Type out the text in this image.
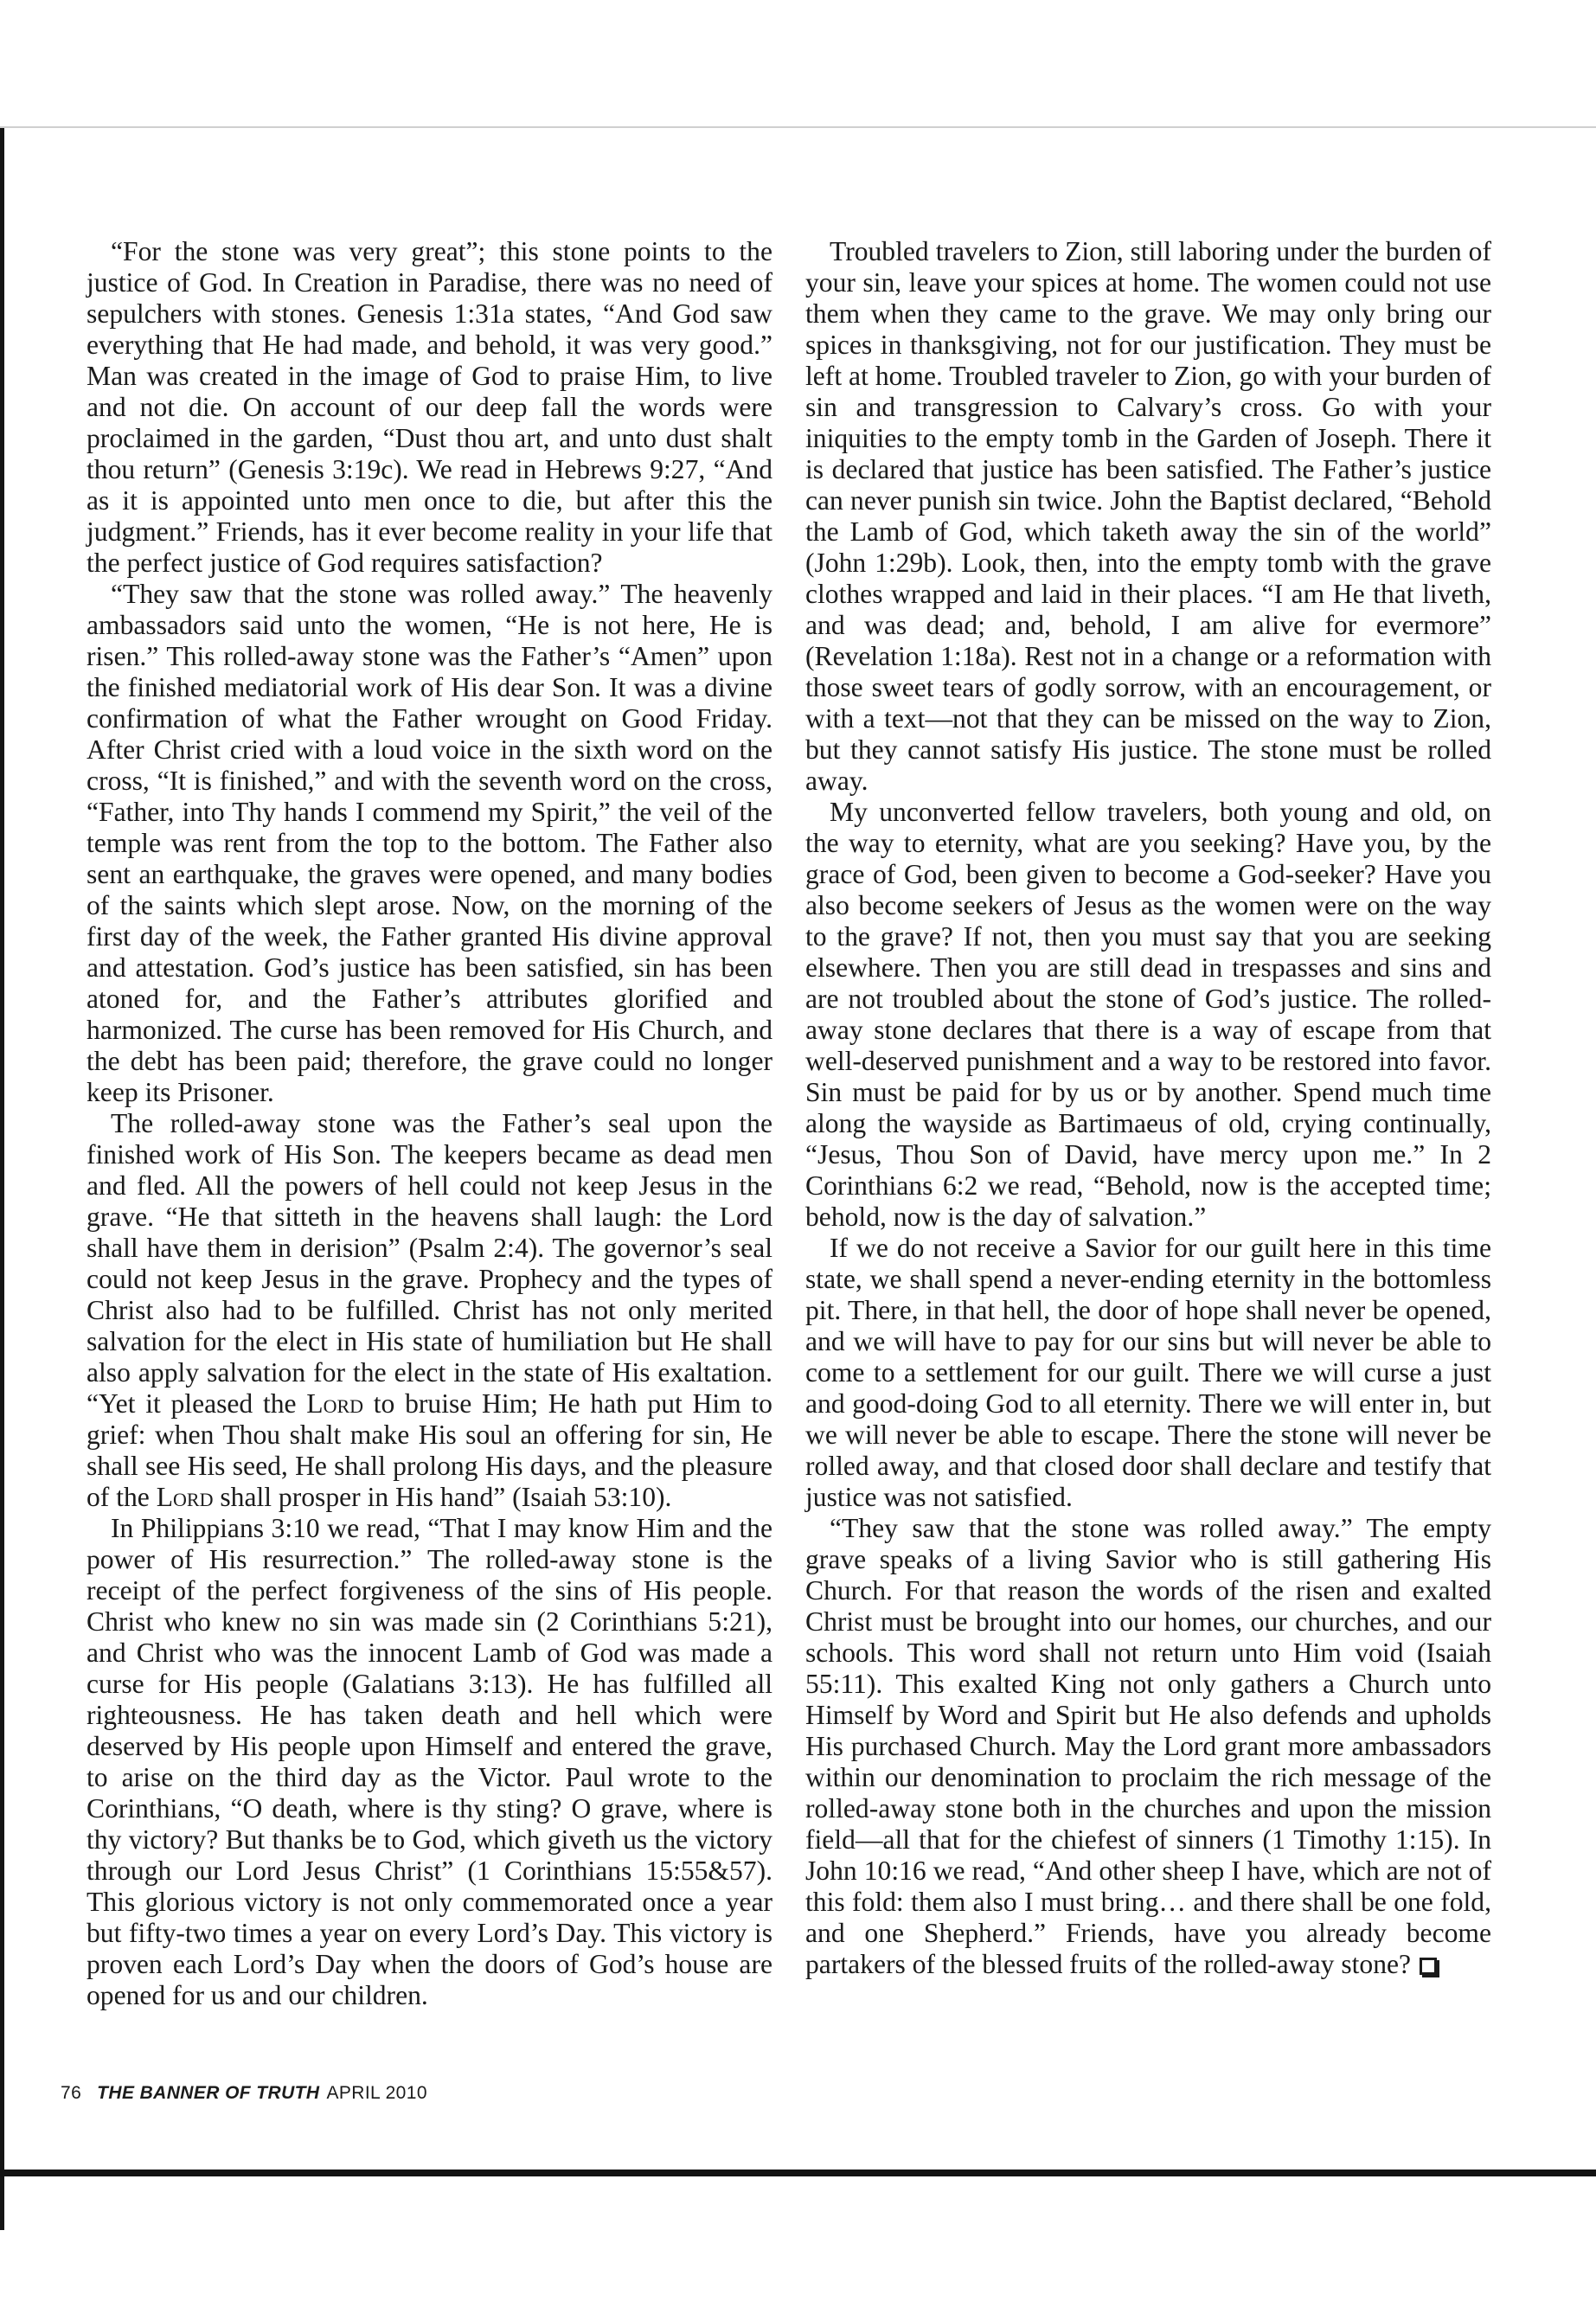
“For the stone was very great”; this stone points to the justice of God. In Creation in Paradise, there was no need of sepulchers with stones. Genesis 1:31a states, “And God saw everything that He had made, and behold, it was very good.” Man was created in the image of God to praise Him, to live and not die. On account of our deep fall the words were proclaimed in the garden, “Dust thou art, and unto dust shalt thou return” (Genesis 3:19c). We read in Hebrews 9:27, “And as it is appointed unto men once to die, but after this the judgment.” Friends, has it ever become reality in your life that the perfect justice of God requires satisfaction?

“They saw that the stone was rolled away.” The heavenly ambassadors said unto the women, “He is not here, He is risen.” This rolled-away stone was the Father’s “Amen” upon the finished mediatorial work of His dear Son. It was a divine confirmation of what the Father wrought on Good Friday. After Christ cried with a loud voice in the sixth word on the cross, “It is finished,” and with the seventh word on the cross, “Father, into Thy hands I commend my Spirit,” the veil of the temple was rent from the top to the bottom. The Father also sent an earthquake, the graves were opened, and many bodies of the saints which slept arose. Now, on the morning of the first day of the week, the Father granted His divine approval and attestation. God’s justice has been satisfied, sin has been atoned for, and the Father’s attributes glorified and harmonized. The curse has been removed for His Church, and the debt has been paid; therefore, the grave could no longer keep its Prisoner.

The rolled-away stone was the Father’s seal upon the finished work of His Son. The keepers became as dead men and fled. All the powers of hell could not keep Jesus in the grave. “He that sitteth in the heavens shall laugh: the Lord shall have them in derision” (Psalm 2:4). The governor’s seal could not keep Jesus in the grave. Prophecy and the types of Christ also had to be fulfilled. Christ has not only merited salvation for the elect in His state of humiliation but He shall also apply salvation for the elect in the state of His exaltation. “Yet it pleased the Lord to bruise Him; He hath put Him to grief: when Thou shalt make His soul an offering for sin, He shall see His seed, He shall prolong His days, and the pleasure of the Lord shall prosper in His hand” (Isaiah 53:10).

In Philippians 3:10 we read, “That I may know Him and the power of His resurrection.” The rolled-away stone is the receipt of the perfect forgiveness of the sins of His people. Christ who knew no sin was made sin (2 Corinthians 5:21), and Christ who was the innocent Lamb of God was made a curse for His people (Galatians 3:13). He has fulfilled all righteousness. He has taken death and hell which were deserved by His people upon Himself and entered the grave, to arise on the third day as the Victor. Paul wrote to the Corinthians, “O death, where is thy sting? O grave, where is thy victory? But thanks be to God, which giveth us the victory through our Lord Jesus Christ” (1 Corinthians 15:55&57). This glorious victory is not only commemorated once a year but fifty-two times a year on every Lord’s Day. This victory is proven each Lord’s Day when the doors of God’s house are opened for us and our children.

Troubled travelers to Zion, still laboring under the burden of your sin, leave your spices at home. The women could not use them when they came to the grave. We may only bring our spices in thanksgiving, not for our justification. They must be left at home. Troubled traveler to Zion, go with your burden of sin and transgression to Calvary’s cross. Go with your iniquities to the empty tomb in the Garden of Joseph. There it is declared that justice has been satisfied. The Father’s justice can never punish sin twice. John the Baptist declared, “Behold the Lamb of God, which taketh away the sin of the world” (John 1:29b). Look, then, into the empty tomb with the grave clothes wrapped and laid in their places. “I am He that liveth, and was dead; and, behold, I am alive for evermore” (Revelation 1:18a). Rest not in a change or a reformation with those sweet tears of godly sorrow, with an encouragement, or with a text—not that they can be missed on the way to Zion, but they cannot satisfy His justice. The stone must be rolled away.

My unconverted fellow travelers, both young and old, on the way to eternity, what are you seeking? Have you, by the grace of God, been given to become a God-seeker? Have you also become seekers of Jesus as the women were on the way to the grave? If not, then you must say that you are seeking elsewhere. Then you are still dead in trespasses and sins and are not troubled about the stone of God’s justice. The rolled-away stone declares that there is a way of escape from that well-deserved punishment and a way to be restored into favor. Sin must be paid for by us or by another. Spend much time along the wayside as Bartimaeus of old, crying continually, “Jesus, Thou Son of David, have mercy upon me.” In 2 Corinthians 6:2 we read, “Behold, now is the accepted time; behold, now is the day of salvation.”

If we do not receive a Savior for our guilt here in this time state, we shall spend a never-ending eternity in the bottomless pit. There, in that hell, the door of hope shall never be opened, and we will have to pay for our sins but will never be able to come to a settlement for our guilt. There we will curse a just and good-doing God to all eternity. There we will enter in, but we will never be able to escape. There the stone will never be rolled away, and that closed door shall declare and testify that justice was not satisfied.

“They saw that the stone was rolled away.” The empty grave speaks of a living Savior who is still gathering His Church. For that reason the words of the risen and exalted Christ must be brought into our homes, our churches, and our schools. This word shall not return unto Him void (Isaiah 55:11). This exalted King not only gathers a Church unto Himself by Word and Spirit but He also defends and upholds His purchased Church. May the Lord grant more ambassadors within our denomination to proclaim the rich message of the rolled-away stone both in the churches and upon the mission field—all that for the chiefest of sinners (1 Timothy 1:15). In John 10:16 we read, “And other sheep I have, which are not of this fold: them also I must bring… and there shall be one fold, and one Shepherd.” Friends, have you already become partakers of the blessed fruits of the rolled-away stone?

76 THE BANNER OF TRUTH APRIL 2010
